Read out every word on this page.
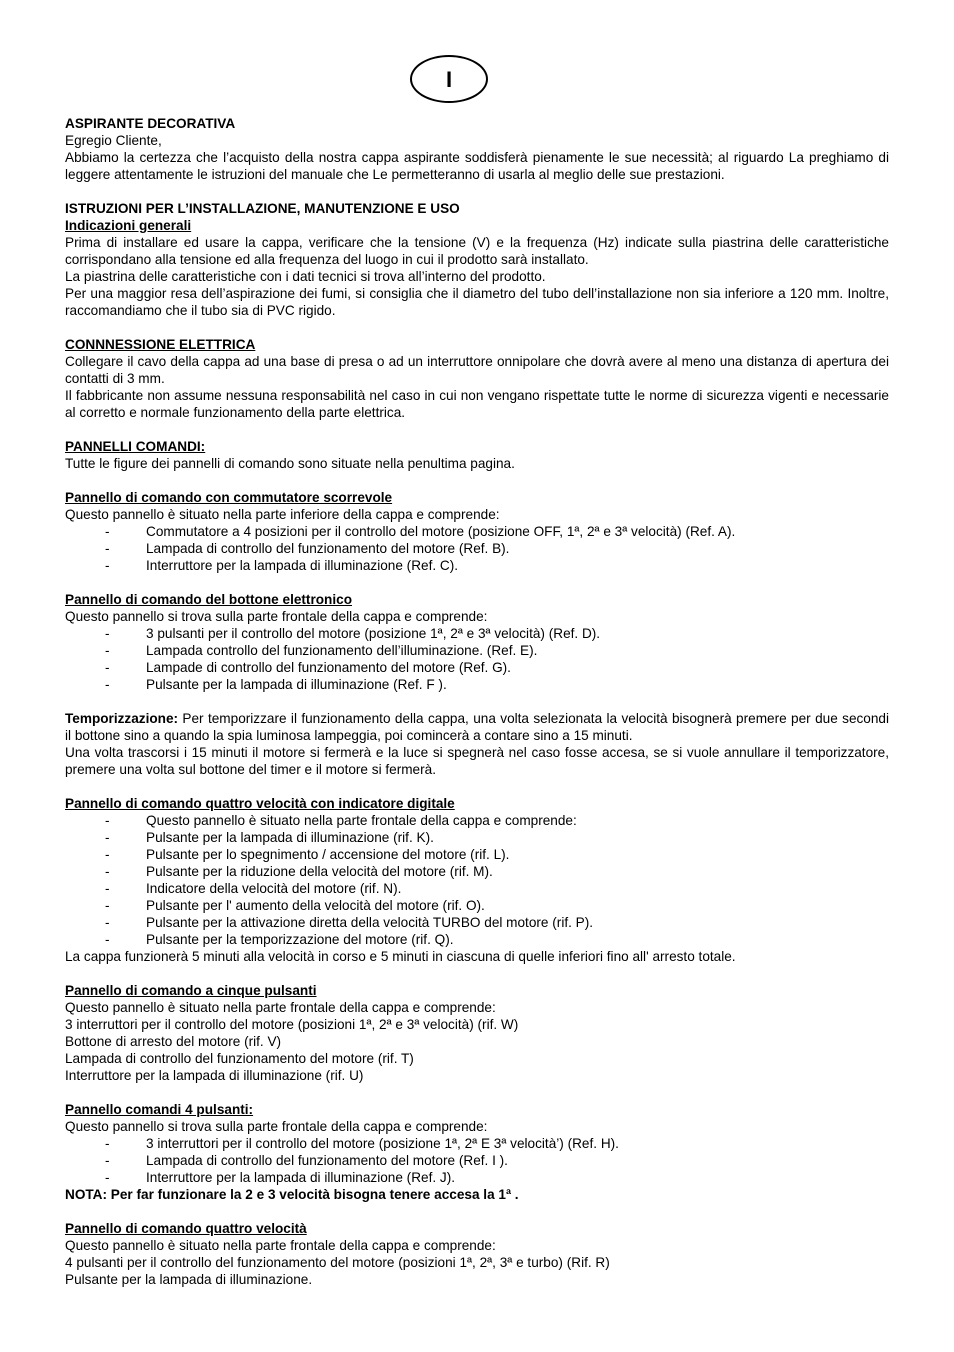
I

ASPIRANTE DECORATIVA

Egregio Cliente,

Abbiamo la certezza che l’acquisto della nostra cappa aspirante soddisferà pienamente le sue necessità; al riguardo La preghiamo di leggere attentamente le istruzioni del manuale che Le permetteranno di usarla al meglio delle sue prestazioni.

ISTRUZIONI PER L’INSTALLAZIONE, MANUTENZIONE E USO

Indicazioni generali

Prima di installare ed usare la cappa, verificare che la tensione (V) e la frequenza (Hz) indicate sulla piastrina delle caratteristiche corrispondano alla tensione ed alla frequenza del luogo in cui il prodotto sarà installato.

La piastrina delle caratteristiche con i dati tecnici si trova all’interno del prodotto.

Per una maggior resa dell’aspirazione dei fumi, si consiglia che il diametro del tubo dell’installazione non sia inferiore a 120 mm. Inoltre, raccomandiamo che il tubo sia di PVC rigido.

CONNNESSIONE ELETTRICA

Collegare il cavo della cappa ad una base di presa o ad un interruttore onnipolare che dovrà avere al meno una distanza di apertura dei contatti di 3 mm.

Il fabbricante non assume nessuna responsabilità nel caso in cui non vengano rispettate tutte le norme di sicurezza vigenti e necessarie al corretto e normale funzionamento della parte elettrica.

PANNELLI COMANDI:

Tutte le figure dei pannelli di comando sono situate nella penultima pagina.

Pannello di comando con commutatore scorrevole

Questo pannello è situato nella parte inferiore della cappa e comprende:

-	Commutatore a 4 posizioni per il controllo del motore (posizione OFF, 1ª, 2ª e 3ª velocità) (Ref. A).
-	Lampada di controllo del funzionamento del motore (Ref. B).
-	Interruttore per la lampada di illuminazione (Ref. C).

Pannello di comando del bottone elettronico

Questo pannello si trova sulla parte frontale della cappa e comprende:

-	3 pulsanti per il controllo del motore (posizione 1ª, 2ª e 3ª velocità) (Ref. D).
-	Lampada controllo del funzionamento dell’illuminazione. (Ref. E).
-	Lampade di controllo del funzionamento del motore (Ref. G).
-	Pulsante per la lampada di illuminazione (Ref. F ).

Temporizzazione: Per temporizzare il funzionamento della cappa, una volta selezionata la velocità bisognerà premere per due secondi il bottone sino a quando la spia luminosa lampeggia, poi comincerà a contare sino a 15 minuti.

Una volta trascorsi i 15 minuti il motore si fermerà e la luce si spegnerà nel caso fosse accesa, se si vuole annullare il temporizzatore, premere una volta sul bottone del timer e il motore si fermerà.

Pannello di comando quattro velocità con indicatore digitale

-	Questo pannello è situato nella parte frontale della cappa e comprende:
-	Pulsante per la lampada di illuminazione (rif. K).
-	Pulsante per lo spegnimento / accensione del motore (rif. L).
-	Pulsante per la riduzione della velocità del motore (rif. M).
-	Indicatore della velocità del motore (rif. N).
-	Pulsante per l' aumento della velocità del motore (rif. O).
-	Pulsante per la attivazione diretta della velocità TURBO del motore (rif. P).
-	Pulsante per la temporizzazione del motore (rif. Q).

La cappa funzionerà 5 minuti alla velocità in corso e 5 minuti in ciascuna di quelle inferiori fino all' arresto totale.

Pannello di comando a cinque pulsanti

Questo pannello è situato nella parte frontale della cappa e comprende:

3 interruttori per il controllo del motore (posizioni 1ª, 2ª e 3ª velocità) (rif. W)

Bottone di arresto del motore (rif. V)

Lampada di controllo del funzionamento del motore (rif. T)

Interruttore per la lampada di illuminazione (rif. U)

Pannello comandi 4 pulsanti:

Questo pannello si trova sulla parte frontale della cappa e comprende:

-	3 interruttori per il controllo del motore (posizione 1ª, 2ª E 3ª velocità’) (Ref. H).
-	Lampada di controllo del funzionamento del motore (Ref. I ).
-	Interruttore per la lampada di illuminazione (Ref. J).

NOTA: Per far funzionare la 2 e 3 velocità bisogna tenere accesa la 1ª .

Pannello di comando quattro velocità

Questo pannello è situato nella parte frontale della cappa e comprende:

4 pulsanti per il controllo del funzionamento del motore (posizioni 1ª, 2ª, 3ª e turbo) (Rif. R)

Pulsante per la lampada di illuminazione.
